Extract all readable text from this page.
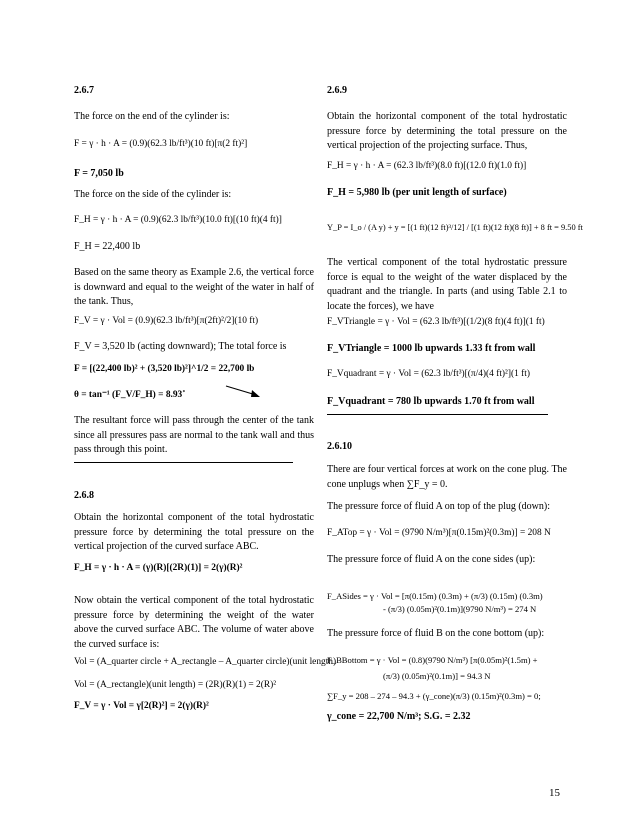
2.6.7
The force on the end of the cylinder is:
F = γ · h · A = (0.9)(62.3 lb/ft³)(10 ft)[π(2 ft)²]
F = 7,050 lb
The force on the side of the cylinder is:
F_H = γ · h · A = (0.9)(62.3 lb/ft³)(10.0 ft)[(10 ft)(4 ft)]
F_H = 22,400 lb
Based on the same theory as Example 2.6, the vertical force is downward and equal to the weight of the water in half of the tank. Thus,
F_V = γ · Vol = (0.9)(62.3 lb/ft³)[π(2ft)²/2](10 ft)
F_V = 3,520 lb (acting downward); The total force is
F = [(22,400 lb)² + (3,520 lb)²]^1/2 = 22,700 lb
θ = tan⁻¹ (F_V/F_H) = 8.93˚
The resultant force will pass through the center of the tank since all pressures pass are normal to the tank wall and thus pass through this point.
2.6.8
Obtain the horizontal component of the total hydrostatic pressure force by determining the total pressure on the vertical projection of the curved surface ABC.
F_H = γ · h · A = (γ)(R)[(2R)(1)] = 2(γ)(R)²
Now obtain the vertical component of the total hydrostatic pressure force by determining the weight of the water above the curved surface ABC. The volume of water above the curved surface is:
Vol = (A_quarter circle + A_rectangle – A_quarter circle)(unit length)
Vol = (A_rectangle)(unit length) = (2R)(R)(1) = 2(R)²
F_V = γ · Vol = γ[2(R)²] = 2(γ)(R)²
2.6.9
Obtain the horizontal component of the total hydrostatic pressure force by determining the total pressure on the vertical projection of the projecting surface. Thus,
F_H = γ · h · A = (62.3 lb/ft³)(8.0 ft)[(12.0 ft)(1.0 ft)]
F_H = 5,980 lb (per unit length of surface)
Y_P = I_o / (A y) + y = [(1 ft)(12 ft)³/12] / [(1 ft)(12 ft)(8 ft)] + 8 ft = 9.50 ft
The vertical component of the total hydrostatic pressure force is equal to the weight of the water displaced by the quadrant and the triangle. In parts (and using Table 2.1 to locate the forces), we have
F_VTriangle = γ · Vol = (62.3 lb/ft³)[(1/2)(8 ft)(4 ft)](1 ft)
F_VTriangle = 1000 lb upwards 1.33 ft from wall
F_Vquadrant = γ · Vol = (62.3 lb/ft³)[(π/4)(4 ft)²](1 ft)
F_Vquadrant = 780 lb upwards 1.70 ft from wall
2.6.10
There are four vertical forces at work on the cone plug. The cone unplugs when ∑F_y = 0.
The pressure force of fluid A on top of the plug (down):
F_ATop = γ · Vol = (9790 N/m³)[π(0.15m)²(0.3m)] = 208 N
The pressure force of fluid A on the cone sides (up):
F_ASides = γ · Vol = [π(0.15m) (0.3m) + (π/3) (0.15m) (0.3m)
- (π/3) (0.05m)²(0.1m)](9790 N/m³) = 274 N
The pressure force of fluid B on the cone bottom (up):
F_BBottom = γ · Vol = (0.8)(9790 N/m³) [π(0.05m)²(1.5m) +
(π/3) (0.05m)²(0.1m)] = 94.3 N
∑F_y = 208 – 274 – 94.3 + (γ_cone)(π/3) (0.15m)²(0.3m) = 0;
γ_cone = 22,700 N/m³; S.G. = 2.32
15
